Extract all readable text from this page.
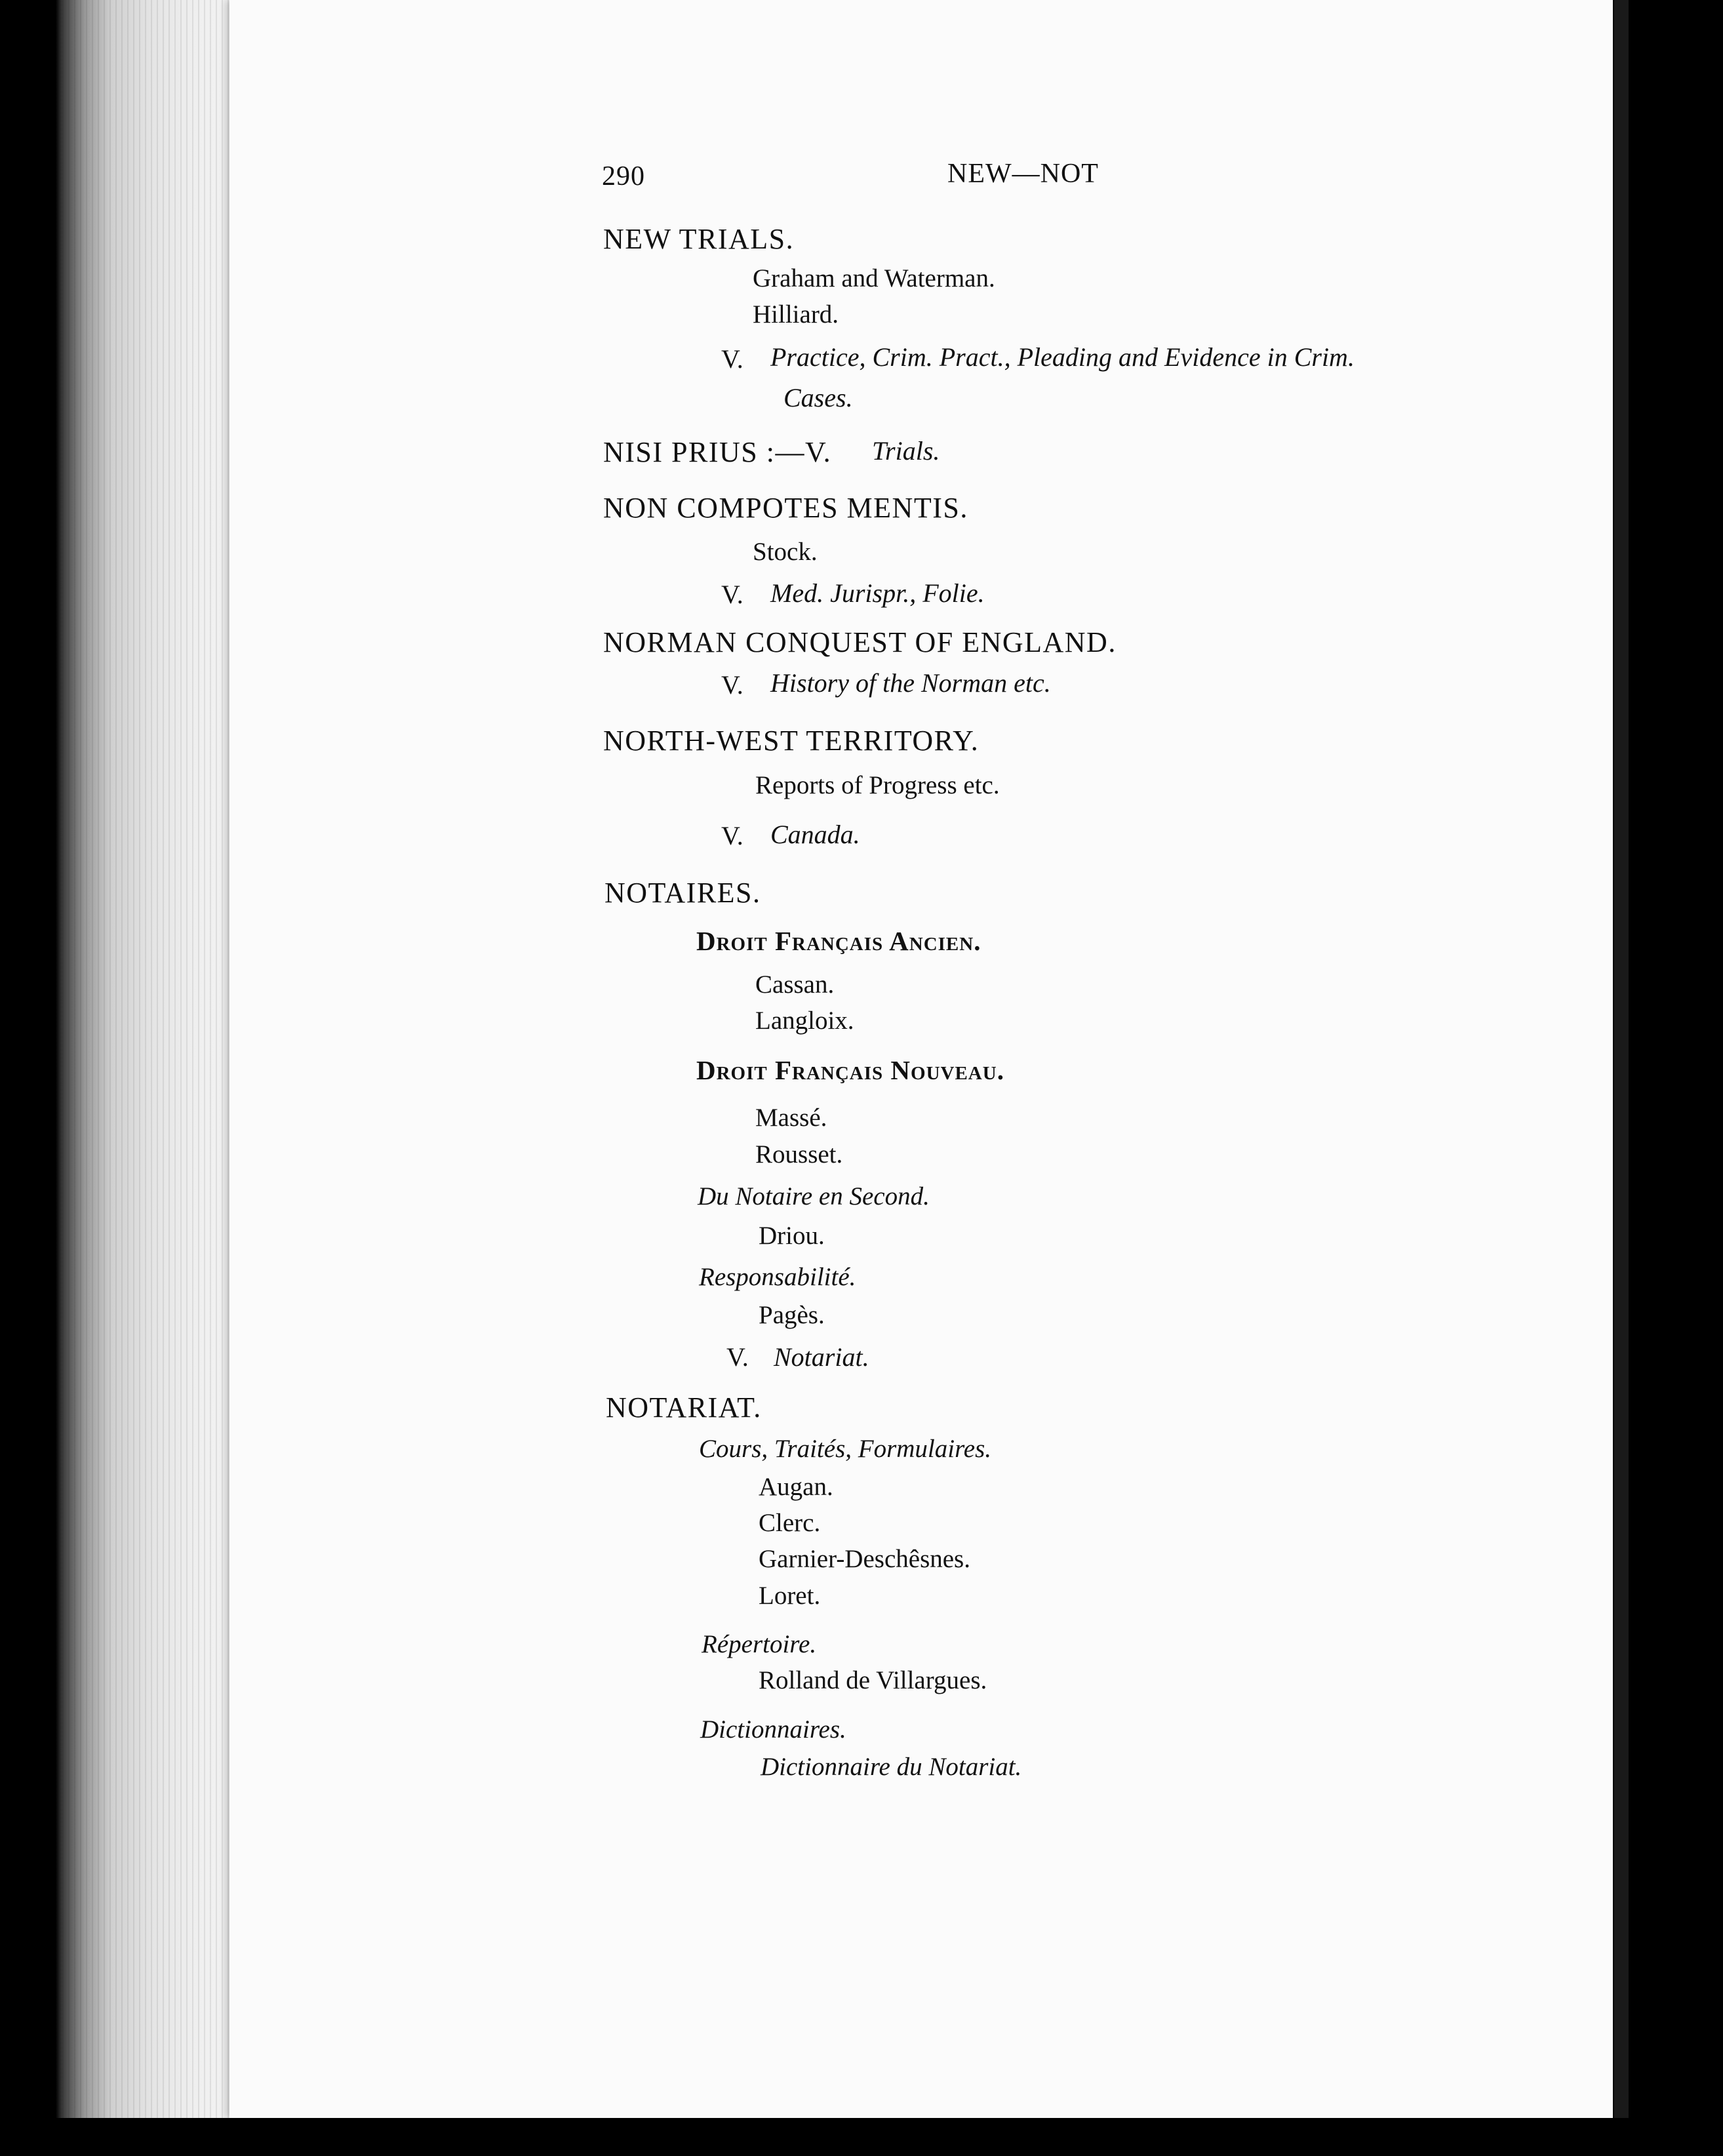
290	NEW—NOT
NEW TRIALS.
Graham and Waterman.
Hilliard.
V. Practice, Crim. Pract., Pleading and Evidence in Crim.
Cases.
NISI PRIUS :—V. Trials.
NON COMPOTES MENTIS.
Stock.
V. Med. Jurispr., Folie.
NORMAN CONQUEST OF ENGLAND.
V. History of the Norman etc.
NORTH-WEST TERRITORY.
Reports of Progress etc.
V. Canada.
NOTAIRES.
Droit Français Ancien.
Cassan.
Langloix.
Droit Français Nouveau.
Massé.
Rousset.
Du Notaire en Second.
Driou.
Responsabilité.
Pagès.
V. Notariat.
NOTARIAT.
Cours, Traités, Formulaires.
Augan.
Clerc.
Garnier-Deschêsnes.
Loret.
Répertoire.
Rolland de Villargues.
Dictionnaires.
Dictionnaire du Notariat.
